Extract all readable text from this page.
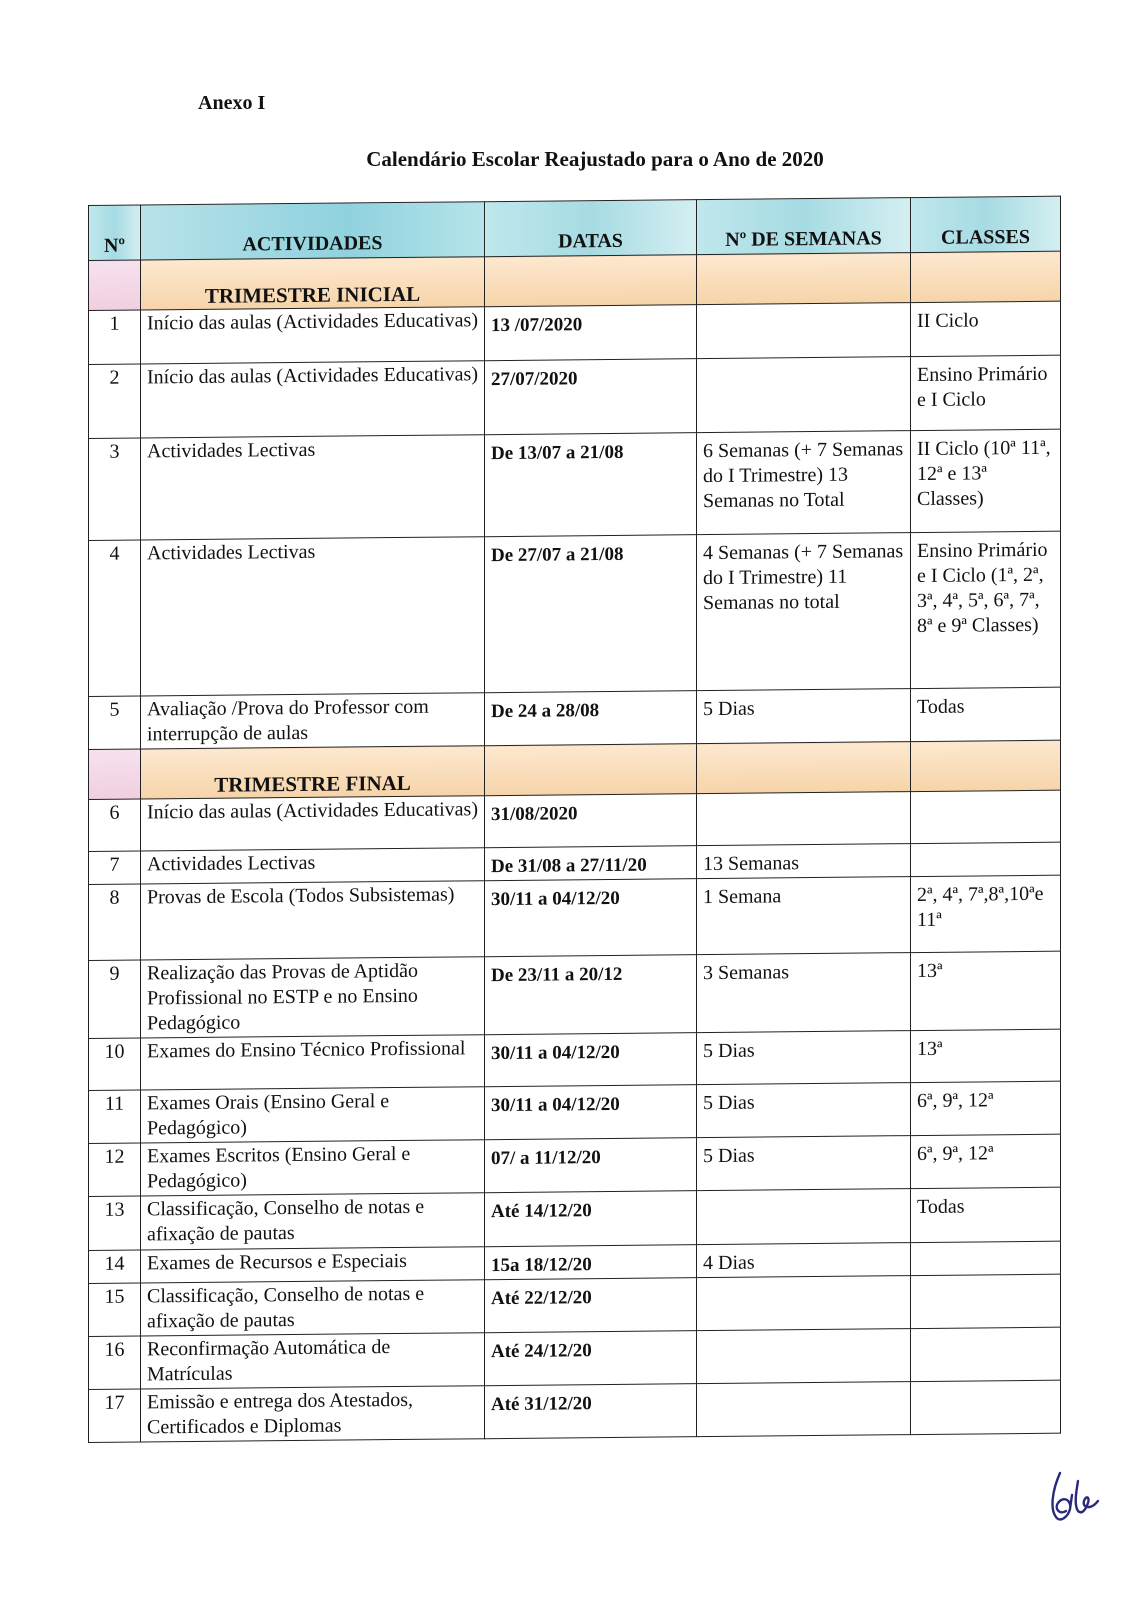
Anexo I
Calendário Escolar Reajustado para o Ano de 2020
Nº	ACTIVIDADES	DATAS	Nº DE SEMANAS	CLASSES
	TRIMESTRE INICIAL			
1	Início das aulas (Actividades Educativas)	13 /07/2020		II Ciclo
2	Início das aulas (Actividades Educativas)	27/07/2020		Ensino Primário e I Ciclo
3	Actividades Lectivas	De 13/07 a 21/08	6 Semanas (+ 7 Semanas do I Trimestre) 13 Semanas no Total	II Ciclo (10ª 11ª, 12ª e 13ª Classes)
4	Actividades Lectivas	De 27/07 a 21/08	4 Semanas (+ 7 Semanas do I Trimestre) 11 Semanas no total	Ensino Primário e I Ciclo (1ª, 2ª, 3ª, 4ª, 5ª, 6ª, 7ª, 8ª e 9ª Classes)
5	Avaliação /Prova do Professor com interrupção de aulas	De 24 a 28/08	5 Dias	Todas
	TRIMESTRE FINAL			
6	Início das aulas (Actividades Educativas)	31/08/2020		
7	Actividades Lectivas	De 31/08 a 27/11/20	13 Semanas	
8	Provas de Escola (Todos Subsistemas)	30/11 a 04/12/20	1 Semana	2ª, 4ª, 7ª,8ª,10ªe 11ª
9	Realização das Provas de Aptidão Profissional no ESTP e no Ensino Pedagógico	De 23/11 a 20/12	3 Semanas	13ª
10	Exames do Ensino Técnico Profissional	30/11 a 04/12/20	5 Dias	13ª
11	Exames Orais (Ensino Geral e Pedagógico)	30/11 a 04/12/20	5 Dias	6ª, 9ª, 12ª
12	Exames Escritos (Ensino Geral e Pedagógico)	07/ a 11/12/20	5 Dias	6ª, 9ª, 12ª
13	Classificação, Conselho de notas e afixação de pautas	Até 14/12/20		Todas
14	Exames de Recursos e Especiais	15a 18/12/20	4 Dias	
15	Classificação, Conselho de notas e afixação de pautas	Até 22/12/20		
16	Reconfirmação Automática de Matrículas	Até 24/12/20		
17	Emissão e entrega dos Atestados, Certificados e Diplomas	Até 31/12/20		
